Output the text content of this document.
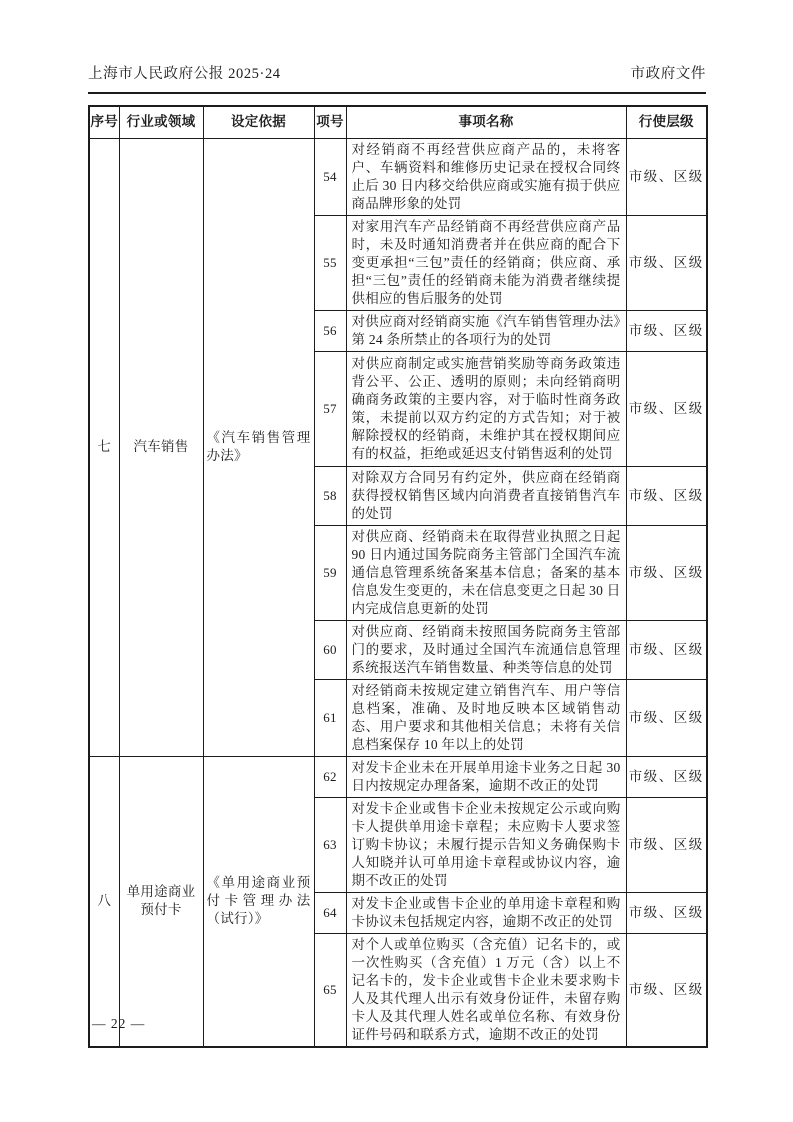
上海市人民政府公报 2025·24	市政府文件
序号	行业或领域	设定依据	项号	事项名称	行使层级
七	汽车销售	《汽车销售管理办法》	54	对经销商不再经营供应商产品的，未将客户、车辆资料和维修历史记录在授权合同终止后 30 日内移交给供应商或实施有损于供应商品牌形象的处罚	市级、区级
			55	对家用汽车产品经销商不再经营供应商产品时，未及时通知消费者并在供应商的配合下变更承担“三包”责任的经销商；供应商、承担“三包”责任的经销商未能为消费者继续提供相应的售后服务的处罚	市级、区级
			56	对供应商对经销商实施《汽车销售管理办法》第 24 条所禁止的各项行为的处罚	市级、区级
			57	对供应商制定或实施营销奖励等商务政策违背公平、公正、透明的原则；未向经销商明确商务政策的主要内容，对于临时性商务政策，未提前以双方约定的方式告知；对于被解除授权的经销商，未维护其在授权期间应有的权益，拒绝或延迟支付销售返利的处罚	市级、区级
			58	对除双方合同另有约定外，供应商在经销商获得授权销售区域内向消费者直接销售汽车的处罚	市级、区级
			59	对供应商、经销商未在取得营业执照之日起 90 日内通过国务院商务主管部门全国汽车流通信息管理系统备案基本信息；备案的基本信息发生变更的，未在信息变更之日起 30 日内完成信息更新的处罚	市级、区级
			60	对供应商、经销商未按照国务院商务主管部门的要求，及时通过全国汽车流通信息管理系统报送汽车销售数量、种类等信息的处罚	市级、区级
			61	对经销商未按规定建立销售汽车、用户等信息档案，准确、及时地反映本区域销售动态、用户要求和其他相关信息；未将有关信息档案保存 10 年以上的处罚	市级、区级
八	单用途商业预付卡	《单用途商业预付卡管理办法（试行）》	62	对发卡企业未在开展单用途卡业务之日起 30 日内按规定办理备案，逾期不改正的处罚	市级、区级
			63	对发卡企业或售卡企业未按规定公示或向购卡人提供单用途卡章程；未应购卡人要求签订购卡协议；未履行提示告知义务确保购卡人知晓并认可单用途卡章程或协议内容，逾期不改正的处罚	市级、区级
			64	对发卡企业或售卡企业的单用途卡章程和购卡协议未包括规定内容，逾期不改正的处罚	市级、区级
			65	对个人或单位购买（含充值）记名卡的，或一次性购买（含充值）1 万元（含）以上不记名卡的，发卡企业或售卡企业未要求购卡人及其代理人出示有效身份证件，未留存购卡人及其代理人姓名或单位名称、有效身份证件号码和联系方式，逾期不改正的处罚	市级、区级
— 22 —
